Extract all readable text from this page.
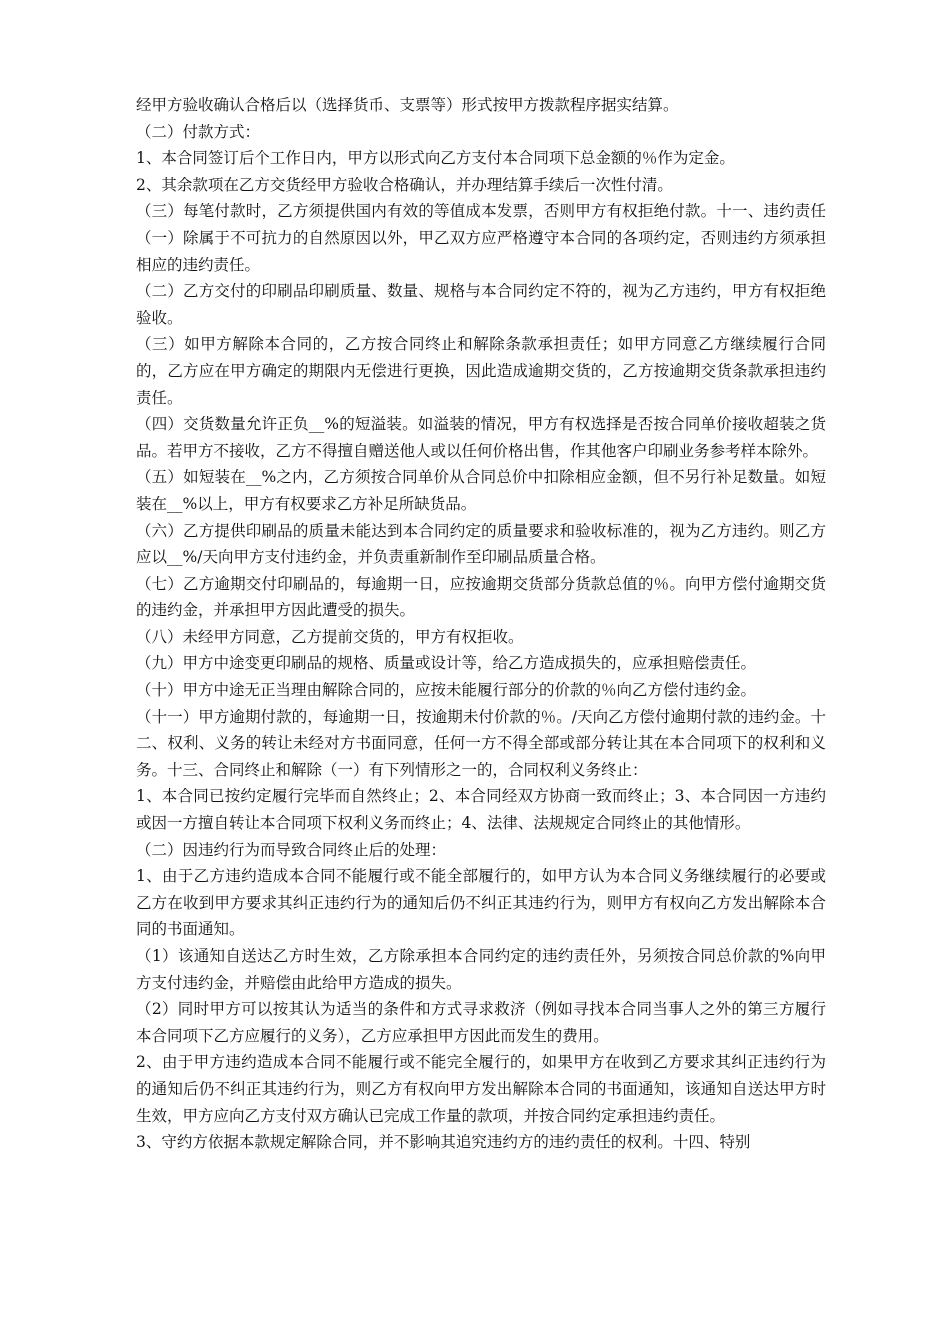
经甲方验收确认合格后以（选择货币、支票等）形式按甲方拨款程序据实结算。

（二）付款方式：

1、本合同签订后个工作日内，甲方以形式向乙方支付本合同项下总金额的％作为定金。

2、其余款项在乙方交货经甲方验收合格确认，并办理结算手续后一次性付清。

（三）每笔付款时，乙方须提供国内有效的等值成本发票，否则甲方有权拒绝付款。十一、违约责任（一）除属于不可抗力的自然原因以外，甲乙双方应严格遵守本合同的各项约定，否则违约方须承担相应的违约责任。

（二）乙方交付的印刷品印刷质量、数量、规格与本合同约定不符的，视为乙方违约，甲方有权拒绝验收。

（三）如甲方解除本合同的，乙方按合同终止和解除条款承担责任；如甲方同意乙方继续履行合同的，乙方应在甲方确定的期限内无偿进行更换，因此造成逾期交货的，乙方按逾期交货条款承担违约责任。

（四）交货数量允许正负__%的短溢装。如溢装的情况，甲方有权选择是否按合同单价接收超装之货品。若甲方不接收，乙方不得擅自赠送他人或以任何价格出售，作其他客户印刷业务参考样本除外。

（五）如短装在__%之内，乙方须按合同单价从合同总价中扣除相应金额，但不另行补足数量。如短装在__%以上，甲方有权要求乙方补足所缺货品。

（六）乙方提供印刷品的质量未能达到本合同约定的质量要求和验收标准的，视为乙方违约。则乙方应以__%/天向甲方支付违约金，并负责重新制作至印刷品质量合格。

（七）乙方逾期交付印刷品的，每逾期一日，应按逾期交货部分货款总值的％。向甲方偿付逾期交货的违约金，并承担甲方因此遭受的损失。

（八）未经甲方同意，乙方提前交货的，甲方有权拒收。

（九）甲方中途变更印刷品的规格、质量或设计等，给乙方造成损失的，应承担赔偿责任。

（十）甲方中途无正当理由解除合同的，应按未能履行部分的价款的％向乙方偿付违约金。

（十一）甲方逾期付款的，每逾期一日，按逾期未付价款的％。/天向乙方偿付逾期付款的违约金。十二、权利、义务的转让未经对方书面同意，任何一方不得全部或部分转让其在本合同项下的权利和义务。十三、合同终止和解除（一）有下列情形之一的，合同权利义务终止：

1、本合同已按约定履行完毕而自然终止；2、本合同经双方协商一致而终止；3、本合同因一方违约或因一方擅自转让本合同项下权利义务而终止；4、法律、法规规定合同终止的其他情形。

（二）因违约行为而导致合同终止后的处理：

1、由于乙方违约造成本合同不能履行或不能全部履行的，如甲方认为本合同义务继续履行的必要或乙方在收到甲方要求其纠正违约行为的通知后仍不纠正其违约行为，则甲方有权向乙方发出解除本合同的书面通知。

（1）该通知自送达乙方时生效，乙方除承担本合同约定的违约责任外，另须按合同总价款的%向甲方支付违约金，并赔偿由此给甲方造成的损失。

（2）同时甲方可以按其认为适当的条件和方式寻求救济（例如寻找本合同当事人之外的第三方履行本合同项下乙方应履行的义务），乙方应承担甲方因此而发生的费用。

2、由于甲方违约造成本合同不能履行或不能完全履行的，如果甲方在收到乙方要求其纠正违约行为的通知后仍不纠正其违约行为，则乙方有权向甲方发出解除本合同的书面通知，该通知自送达甲方时生效，甲方应向乙方支付双方确认已完成工作量的款项，并按合同约定承担违约责任。

3、守约方依据本款规定解除合同，并不影响其追究违约方的违约责任的权利。十四、特别
